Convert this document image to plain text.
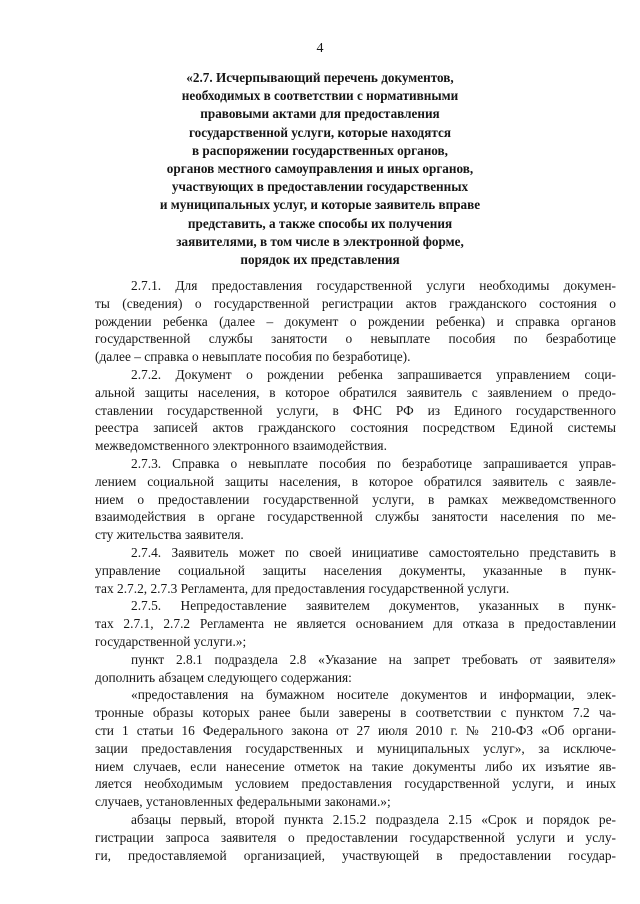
4
«2.7. Исчерпывающий перечень документов,
необходимых в соответствии с нормативными
правовыми актами для предоставления
государственной услуги, которые находятся
в распоряжении государственных органов,
органов местного самоуправления и иных органов,
участвующих в предоставлении государственных
и муниципальных услуг, и которые заявитель вправе
представить, а также способы их получения
заявителями, в том числе в электронной форме,
порядок их представления
2.7.1. Для предоставления государственной услуги необходимы докумен-
ты (сведения) о государственной регистрации актов гражданского состояния о
рождении ребенка (далее – документ о рождении ребенка) и справка органов
государственной службы занятости о невыплате пособия по безработице
(далее – справка о невыплате пособия по безработице).
2.7.2. Документ о рождении ребенка запрашивается управлением соци-
альной защиты населения, в которое обратился заявитель с заявлением о предо-
ставлении государственной услуги, в ФНС РФ из Единого государственного
реестра записей актов гражданского состояния посредством Единой системы
межведомственного электронного взаимодействия.
2.7.3. Справка о невыплате пособия по безработице запрашивается управ-
лением социальной защиты населения, в которое обратился заявитель с заявле-
нием о предоставлении государственной услуги, в рамках межведомственного
взаимодействия в органе государственной службы занятости населения по ме-
сту жительства заявителя.
2.7.4. Заявитель может по своей инициативе самостоятельно представить в
управление социальной защиты населения документы, указанные в пунк-
тах 2.7.2, 2.7.3 Регламента, для предоставления государственной услуги.
2.7.5. Непредоставление заявителем документов, указанных в пунк-
тах 2.7.1, 2.7.2 Регламента не является основанием для отказа в предоставлении
государственной услуги.»;
пункт 2.8.1 подраздела 2.8 «Указание на запрет требовать от заявителя»
дополнить абзацем следующего содержания:
«предоставления на бумажном носителе документов и информации, элек-
тронные образы которых ранее были заверены в соответствии с пунктом 7.2 ча-
сти 1 статьи 16 Федерального закона от 27 июля 2010 г. № 210-ФЗ «Об органи-
зации предоставления государственных и муниципальных услуг», за исключе-
нием случаев, если нанесение отметок на такие документы либо их изъятие яв-
ляется необходимым условием предоставления государственной услуги, и иных
случаев, установленных федеральными законами.»;
абзацы первый, второй пункта 2.15.2 подраздела 2.15 «Срок и порядок ре-
гистрации запроса заявителя о предоставлении государственной услуги и услу-
ги, предоставляемой организацией, участвующей в предоставлении государ-
